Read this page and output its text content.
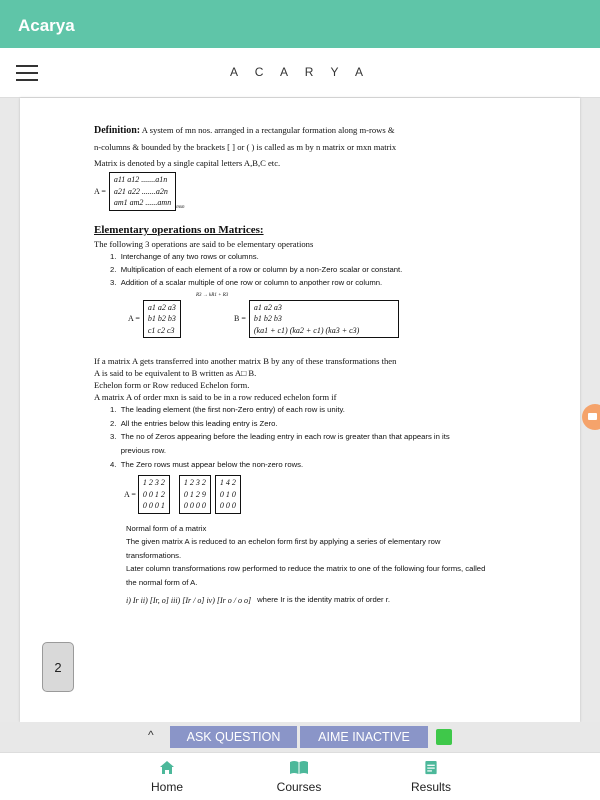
Acarya
A C A R Y A
Definition: A system of mn nos. arranged in a rectangular formation along m-rows &
n-columns & bounded by the brackets [ ] or ( ) is called as m by n matrix or mxn matrix
Matrix is denoted by a single capital letters A,B,C etc.
A =
a11 a12 .......a1n
a21 a22 .......a2n
am1 am2 ......amn
$_{mxn}$
Elementary operations on Matrices:
The following 3 operations are said to be elementary operations
1.  Interchange of any two rows or columns.
2.  Multiplication of each element of a row or column by a non-Zero scalar or constant.
3.  Addition of a scalar multiple of one row or column to anpother row or column.
A =
a1 a2 a3
b1 b2 b3
c1 c2 c3
R3 → kR1 + R3
B =
a1 a2 a3
b1 b2 b3
(ka1 + c1) (ka2 + c1) (ka3 + c3)
If a matrix A gets transferred into another matrix B by any of these transformations then
A is said to be equivalent to B written as A□ B.
Echelon form or Row reduced Echelon form.
A matrix A of order mxn is said to be in a row reduced echelon form if
1.  The leading element (the first non-Zero entry) of each row is unity.
2.  All the entries below this leading entry is Zero.
3. The no of Zeros appearing before the leading entry in each row is greater than that appears in its previous row.
4.  The Zero rows must appear below the non-zero rows.
A =
1 2 3 2
0 0 1 2
0 0 0 1
1 2 3 2
0 1 2 9
0 0 0 0
1 4 2
0 1 0
0 0 0
Normal form of a matrix
The given matrix A is reduced to an echelon form first by applying a series of elementary row transformations.
Later column transformations row performed to reduce the matrix to one of the following four forms, called the normal form of A.
i) Ir ii) [Ir, o] iii) [Ir / o] iv) [Ir o / o o] where Ir is the identity matrix of order r.
2
^	ASK QUESTION	AIME INACTIVE
Home	Courses	Results
